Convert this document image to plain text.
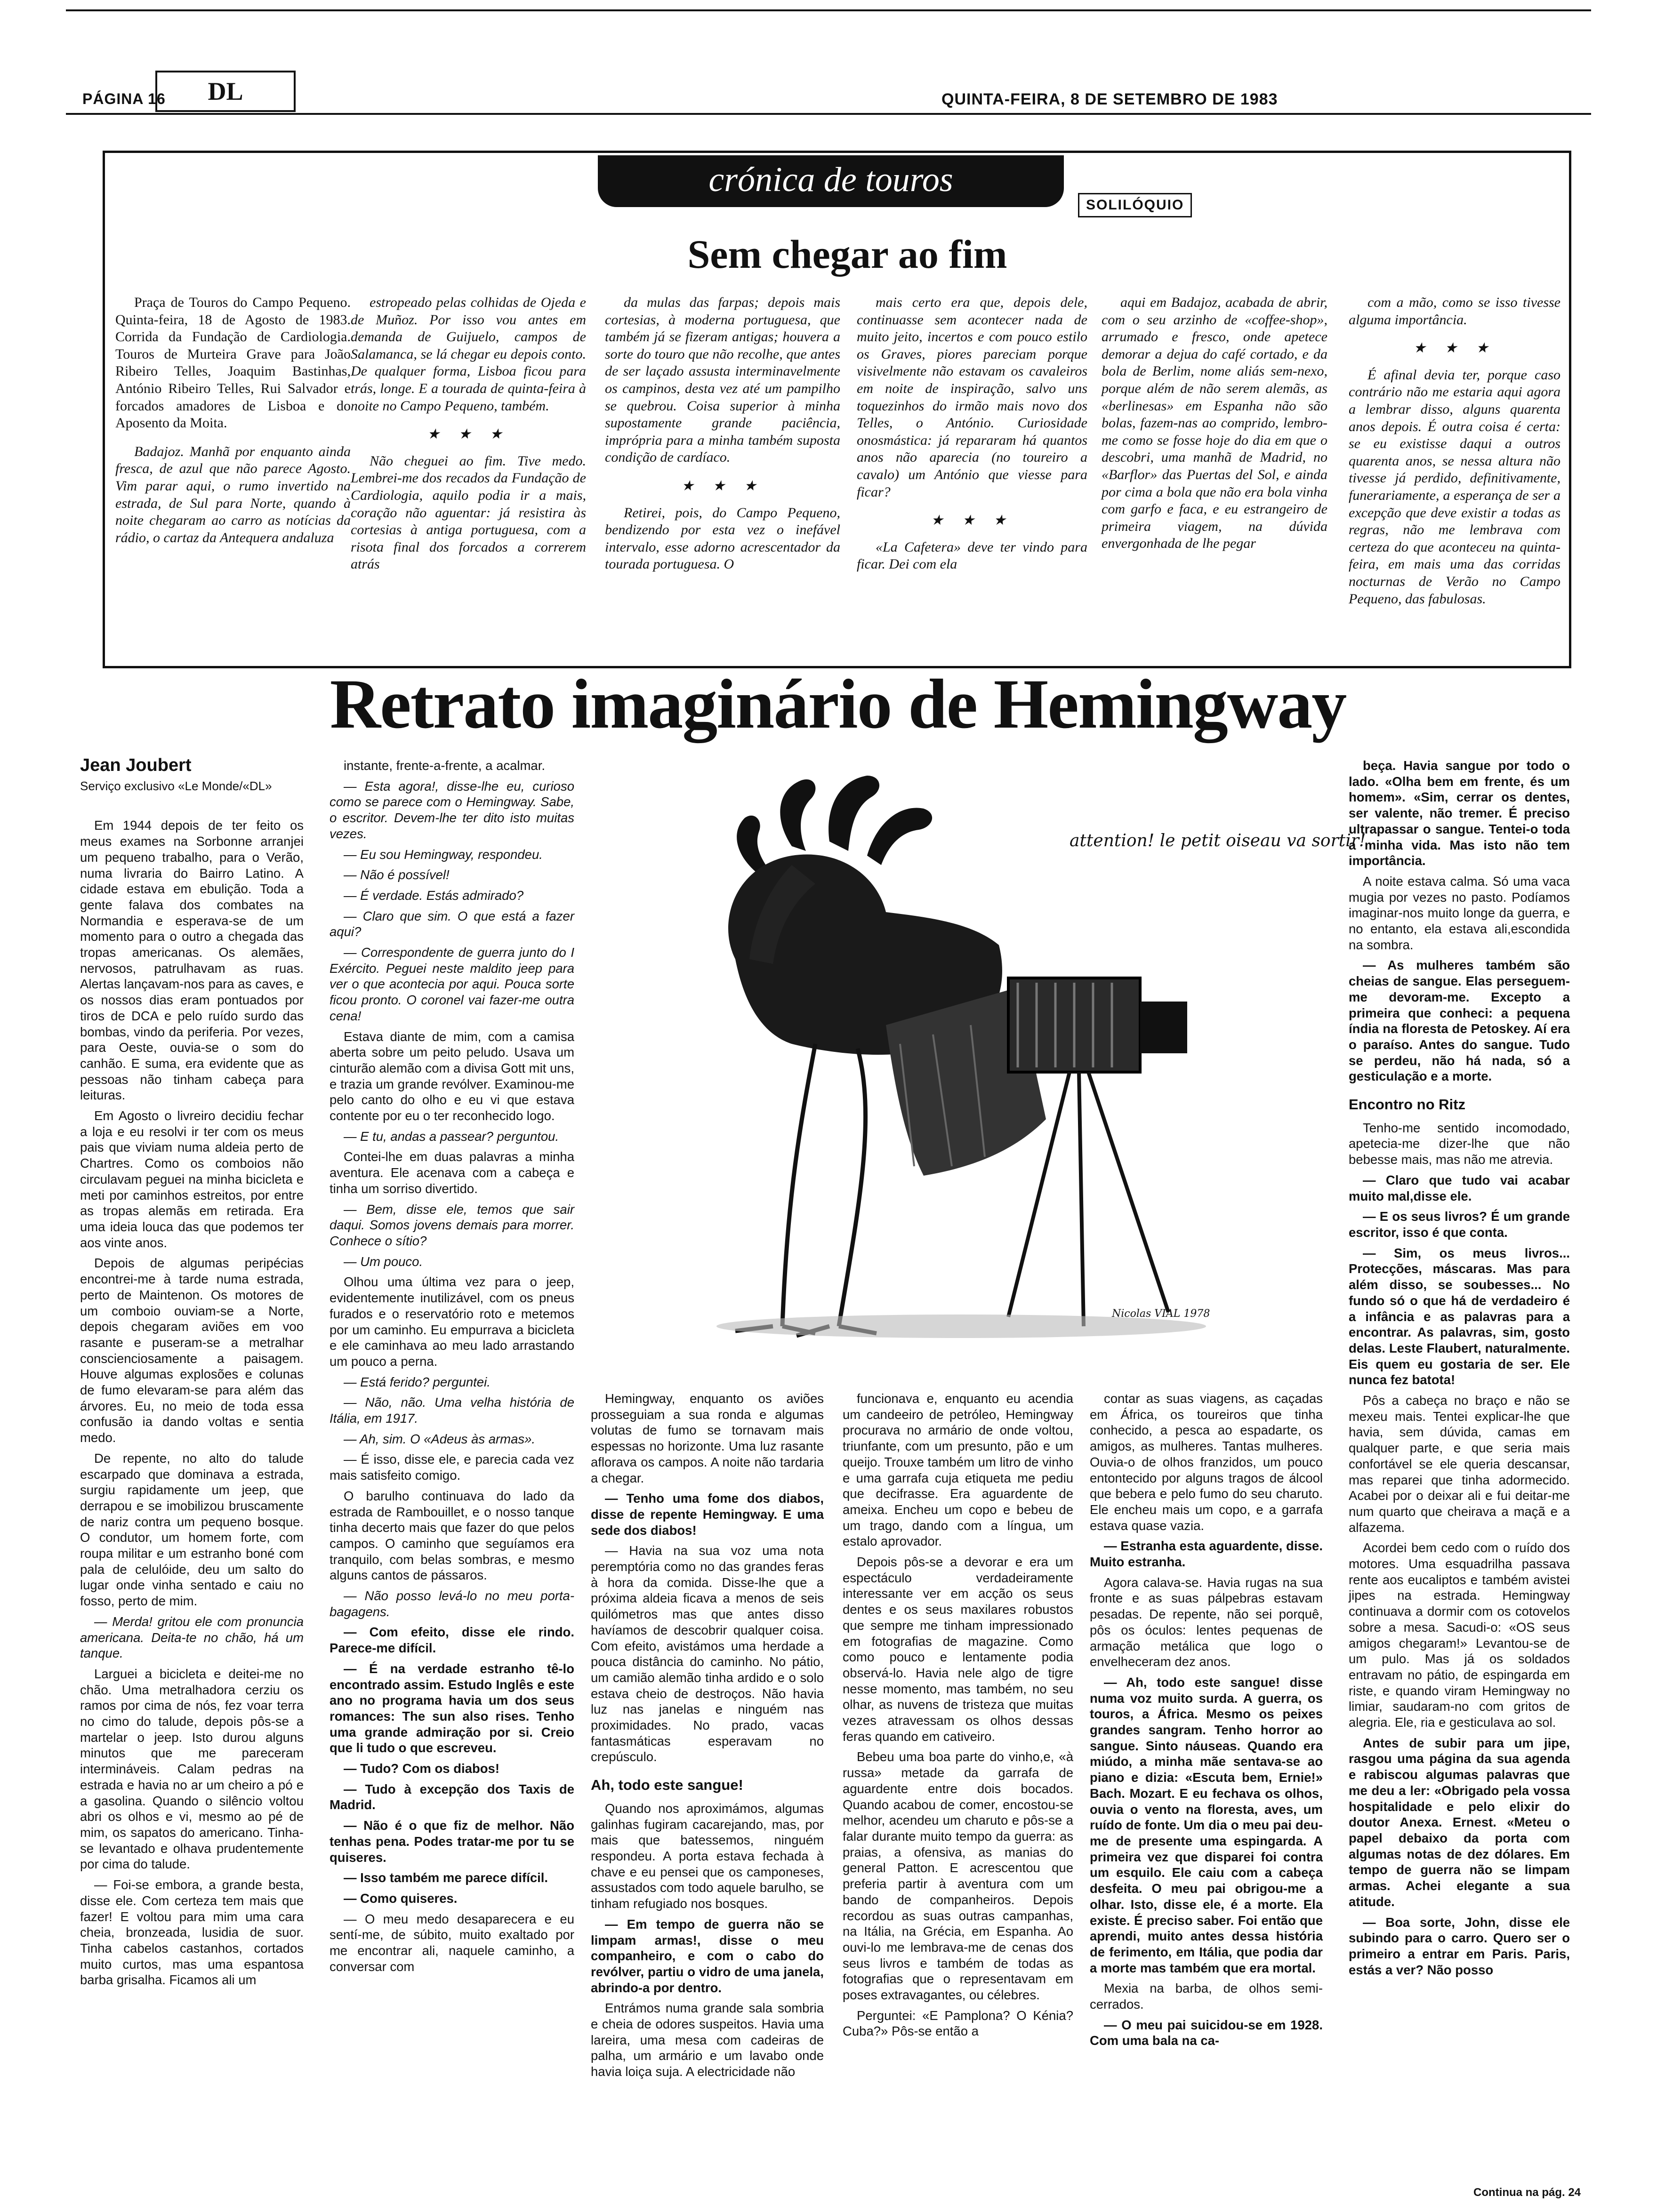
PÁGINA 16	DL	QUINTA-FEIRA, 8 DE SETEMBRO DE 1983
crónica de touros
SOLILÓQUIO
Sem chegar ao fim

Praça de Touros do Campo Pequeno. Quinta-feira, 18 de Agosto de 1983. Corrida da Fundação de Cardiologia. Touros de Murteira Grave para João Ribeiro Telles, Joaquim Bastinhas, António Ribeiro Telles, Rui Salvador e forcados amadores de Lisboa e do Aposento da Moita.

Badajoz. Manhã por enquanto ainda fresca, de azul que não parece Agosto. Vim parar aqui, o rumo invertido na estrada, de Sul para Norte, quando à noite chegaram ao carro as notícias da rádio, o cartaz da Antequera andaluza

estropeado pelas colhidas de Ojeda e de Muñoz. Por isso vou antes em demanda de Guijuelo, campos de Salamanca, se lá chegar eu depois conto. De qualquer forma, Lisboa ficou para trás, longe. E a tourada de quinta-feira à noite no Campo Pequeno, também.

★ ★ ★

Não cheguei ao fim. Tive medo. Lembrei-me dos recados da Fundação de Cardiologia, aquilo podia ir a mais, coração não aguentar: já resistira às cortesias à antiga portuguesa, com a risota final dos forcados a correrem atrás

da mulas das farpas; depois mais cortesias, à moderna portuguesa, que também já se fizeram antigas; houvera a sorte do touro que não recolhe, que antes de ser laçado assusta interminavelmente os campinos, desta vez até um pampilho se quebrou. Coisa superior à minha supostamente grande paciência, imprópria para a minha também suposta condição de cardíaco.

★ ★ ★

Retirei, pois, do Campo Pequeno, bendizendo por esta vez o inefável intervalo, esse adorno acrescentador da tourada portuguesa. O

mais certo era que, depois dele, continuasse sem acontecer nada de muito jeito, incertos e com pouco estilo os Graves, piores pareciam porque visivelmente não estavam os cavaleiros em noite de inspiração, salvo uns toquezinhos do irmão mais novo dos Telles, o António. Curiosidade onosmástica: já repararam há quantos anos não aparecia (no toureiro a cavalo) um António que viesse para ficar?

★ ★ ★

«La Cafetera» deve ter vindo para ficar. Dei com ela

aqui em Badajoz, acabada de abrir, com o seu arzinho de «coffee-shop», arrumado e fresco, onde apetece demorar a dejua do café cortado, e da bola de Berlim, nome aliás sem-nexo, porque além de não serem alemãs, as «berlinesas» em Espanha não são bolas, fazem-nas ao comprido, lembro-me como se fosse hoje do dia em que o descobri, uma manhã de Madrid, no «Barflor» das Puertas del Sol, e ainda por cima a bola que não era bola vinha com garfo e faca, e eu estrangeiro de primeira viagem, na dúvida envergonhada de lhe pegar

com a mão, como se isso tivesse alguma importância.

★ ★ ★

É afinal devia ter, porque caso contrário não me estaria aqui agora a lembrar disso, alguns quarenta anos depois. É outra coisa é certa: se eu existisse daqui a outros quarenta anos, se nessa altura não tivesse já perdido, definitivamente, funerariamente, a esperança de ser a excepção que deve existir a todas as regras, não me lembrava com certeza do que aconteceu na quinta-feira, em mais uma das corridas nocturnas de Verão no Campo Pequeno, das fabulosas.

Retrato imaginário de Hemingway

Jean Joubert

Serviço exclusivo «Le Monde/«DL»

Em 1944 depois de ter feito os meus exames na Sorbonne arranjei um pequeno trabalho, para o Verão, numa livraria do Bairro Latino. A cidade estava em ebulição. Toda a gente falava dos combates na Normandia e esperava-se de um momento para o outro a chegada das tropas americanas. Os alemães, nervosos, patrulhavam as ruas. Alertas lançavam-nos para as caves, e os nossos dias eram pontuados por tiros de DCA e pelo ruído surdo das bombas, vindo da periferia. Por vezes, para Oeste, ouvia-se o som do canhão. E suma, era evidente que as pessoas não tinham cabeça para leituras.

Em Agosto o livreiro decidiu fechar a loja e eu resolvi ir ter com os meus pais que viviam numa aldeia perto de Chartres. Como os comboios não circulavam peguei na minha bicicleta e meti por caminhos estreitos, por entre as tropas alemãs em retirada. Era uma ideia louca das que podemos ter aos vinte anos.

Depois de algumas peripécias encontrei-me à tarde numa estrada, perto de Maintenon. Os motores de um comboio ouviam-se a Norte, depois chegaram aviões em voo rasante e puseram-se a metralhar conscienciosamente a paisagem. Houve algumas explosões e colunas de fumo elevaram-se para além das árvores. Eu, no meio de toda essa confusão ia dando voltas e sentia medo.

De repente, no alto do talude escarpado que dominava a estrada, surgiu rapidamente um jeep, que derrapou e se imobilizou bruscamente de nariz contra um pequeno bosque. O condutor, um homem forte, com roupa militar e um estranho boné com pala de celulóide, deu um salto do lugar onde vinha sentado e caiu no fosso, perto de mim.

— Merda! gritou ele com pronuncia americana. Deita-te no chão, há um tanque.

Larguei a bicicleta e deitei-me no chão. Uma metralhadora cerziu os ramos por cima de nós, fez voar terra no cimo do talude, depois pôs-se a martelar o jeep. Isto durou alguns minutos que me pareceram intermináveis. Calam pedras na estrada e havia no ar um cheiro a pó e a gasolina. Quando o silêncio voltou abri os olhos e vi, mesmo ao pé de mim, os sapatos do americano. Tinha-se levantado e olhava prudentemente por cima do talude.

— Foi-se embora, a grande besta, disse ele. Com certeza tem mais que fazer! E voltou para mim uma cara cheia, bronzeada, lusidia de suor. Tinha cabelos castanhos, cortados muito curtos, mas uma espantosa barba grisalha. Ficamos ali um

instante, frente-a-frente, a acalmar.

— Esta agora!, disse-lhe eu, curioso como se parece com o Hemingway. Sabe, o escritor. Devem-lhe ter dito isto muitas vezes.

— Eu sou Hemingway, respondeu.

— Não é possível!

— É verdade. Estás admirado?

— Claro que sim. O que está a fazer aqui?

— Correspondente de guerra junto do I Exército. Peguei neste maldito jeep para ver o que acontecia por aqui. Pouca sorte ficou pronto. O coronel vai fazer-me outra cena!

Estava diante de mim, com a camisa aberta sobre um peito peludo. Usava um cinturão alemão com a divisa Gott mit uns, e trazia um grande revólver. Examinou-me pelo canto do olho e eu vi que estava contente por eu o ter reconhecido logo.

— E tu, andas a passear? perguntou.

Contei-lhe em duas palavras a minha aventura. Ele acenava com a cabeça e tinha um sorriso divertido.

— Bem, disse ele, temos que sair daqui. Somos jovens demais para morrer. Conhece o sítio?

— Um pouco.

Olhou uma última vez para o jeep, evidentemente inutilizável, com os pneus furados e o reservatório roto e metemos por um caminho. Eu empurrava a bicicleta e ele caminhava ao meu lado arrastando um pouco a perna.

— Está ferido? perguntei.

— Não, não. Uma velha história de Itália, em 1917.

— Ah, sim. O «Adeus às armas».

— É isso, disse ele, e parecia cada vez mais satisfeito comigo.

O barulho continuava do lado da estrada de Rambouillet, e o nosso tanque tinha decerto mais que fazer do que pelos campos. O caminho que seguíamos era tranquilo, com belas sombras, e mesmo alguns cantos de pássaros.

— Não posso levá-lo no meu porta-bagagens.

— Com efeito, disse ele rindo. Parece-me difícil.

— É na verdade estranho tê-lo encontrado assim. Estudo Inglês e este ano no programa havia um dos seus romances: The sun also rises. Tenho uma grande admiração por si. Creio que li tudo o que escreveu.

— Tudo? Com os diabos!

— Tudo à excepção dos Taxis de Madrid.

— Não é o que fiz de melhor. Não tenhas pena. Podes tratar-me por tu se quiseres.

— Isso também me parece difícil.

— Como quiseres.

— O meu medo desaparecera e eu sentí-me, de súbito, muito exaltado por me encontrar ali, naquele caminho, a conversar com

attention! le petit oiseau va sortir!
Nicolas VIAL 1978

Hemingway, enquanto os aviões prosseguiam a sua ronda e algumas volutas de fumo se tornavam mais espessas no horizonte. Uma luz rasante afloravа os campos. A noite não tardaria a chegar.

— Tenho uma fome dos diabos, disse de repente Hemingway. E uma sede dos diabos!

— Havia na sua voz uma nota peremptória como no das grandes feras à hora da comida. Disse-lhe que a próxima aldeia ficava a menos de seis quilómetros mas que antes disso havíamos de descobrir qualquer coisa. Com efeito, avistámos uma herdade a pouca distância do caminho. No pátio, um camião alemão tinha ardido e o solo estava cheio de destroços. Não havia luz nas janelas e ninguém nas proximidades. No prado, vacas fantasmáticas esperavam no crepúsculo.

Ah, todo este sangue!

Quando nos aproximámos, algumas galinhas fugiram cacarejando, mas, por mais que batessemos, ninguém respondeu. A porta estava fechada à chave e eu pensei que os camponeses, assustados com todo aquele barulho, se tinham refugiado nos bosques.

— Em tempo de guerra não se limpam armas!, disse o meu companheiro, e com o cabo do revólver, partiu o vidro de uma janela, abrindo-a por dentro.

Entrámos numa grande sala sombria e cheia de odores suspeitos. Havia uma lareira, uma mesa com cadeiras de palha, um armário e um lavabo onde havia loiça suja. A electricidade não

funcionava e, enquanto eu acendia um candeeiro de petróleo, Hemingway procurava no armário de onde voltou, triunfante, com um presunto, pão e um queijo. Trouxe também um litro de vinho e uma garrafa cuja etiqueta me pediu que decifrasse. Era aguardente de ameixa. Encheu um copo e bebeu de um trago, dando com a língua, um estalo aprovador.

Depois pôs-se a devorar e era um espectáculo verdadeiramente interessante ver em acção os seus dentes e os seus maxilares robustos que sempre me tinham impressionado em fotografias de magazine. Como como pouco e lentamente podia observá-lo. Havia nele algo de tigre nesse momento, mas também, no seu olhar, as nuvens de tristeza que muitas vezes atravessam os olhos dessas feras quando em cativeiro.

Bebeu uma boa parte do vinho,e, «à russa» metade da garrafa de aguardente entre dois bocados. Quando acabou de comer, encostou-se melhor, acendeu um charuto e pôs-se a falar durante muito tempo da guerra: as praias, a ofensiva, as manias do general Patton. E acrescentou que preferia partir à aventura com um bando de companheiros. Depois recordou as suas outras campanhas, na Itália, na Grécia, em Espanha. Ao ouvi-lo me lembrava-me de cenas dos seus livros e também de todas as fotografias que o representavam em poses extravagantes, ou célebres.

Perguntei: «E Pamplona? O Kénia? Cuba?» Pôs-se então a

contar as suas viagens, as caçadas em África, os toureiros que tinha conhecido, a pesca ao espadarte, os amigos, as mulheres. Tantas mulheres. Ouvia-o de olhos franzidos, um pouco entontecido por alguns tragos de álcool que bebera e pelo fumo do seu charuto. Ele encheu mais um copo, e a garrafa estava quase vazia.

— Estranha esta aguardente, disse. Muito estranha.

Agora calava-se. Havia rugas na sua fronte e as suas pálpebras estavam pesadas. De repente, não sei porquê, pôs os óculos: lentes pequenas de armação metálica que logo o envelheceram dez anos.

— Ah, todo este sangue! disse numa voz muito surda. A guerra, os touros, a África. Mesmo os peixes grandes sangram. Tenho horror ao sangue. Sinto náuseas. Quando era miúdo, a minha mãe sentava-se ao piano e dizia: «Escuta bem, Ernie!» Bach. Mozart. E eu fechava os olhos, ouvia o vento na floresta, aves, um ruído de fonte. Um dia o meu pai deu-me de presente uma espingarda. A primeira vez que disparei foi contra um esquilo. Ele caiu com a cabeça desfeita. O meu pai obrigou-me a olhar. Isto, disse ele, é a morte. Ela existe. É preciso saber. Foi então que aprendi, muito antes dessa história de ferimento, em Itália, que podia dar a morte mas também que era mortal.

Mexia na barba, de olhos semi-cerrados.

— O meu pai suicidou-se em 1928. Com uma bala na ca-

beça. Havia sangue por todo o lado. «Olha bem em frente, és um homem». «Sim, cerrar os dentes, ser valente, não tremer. É preciso ultrapassar o sangue. Tentei-o toda a minha vida. Mas isto não tem importância.

A noite estava calma. Só uma vaca mugia por vezes no pasto. Podíamos imaginar-nos muito longe da guerra, e no entanto, ela estava ali,escondida na sombra.

— As mulheres também são cheias de sangue. Elas perseguem-me devoram-me. Excepto a primeira que conheci: a pequena índia na floresta de Petoskey. Aí era o paraíso. Antes do sangue. Tudo se perdeu, não há nada, só a gesticulação e a morte.

Encontro no Ritz

Tenho-me sentido incomodado, apetecia-me dizer-lhe que não bebesse mais, mas não me atrevia.

— Claro que tudo vai acabar muito mal,disse ele.

— E os seus livros? É um grande escritor, isso é que conta.

— Sim, os meus livros... Protecções, máscaras. Mas para além disso, se soubesses... No fundo só o que há de verdadeiro é a infância e as palavras para a encontrar. As palavras, sim, gosto delas. Leste Flaubert, naturalmente. Eis quem eu gostaria de ser. Ele nunca fez batota!

Pôs a cabeça no braço e não se mexeu mais. Tentei explicar-lhe que havia, sem dúvida, camas em qualquer parte, e que seria mais confortável se ele queria descansar, mas reparei que tinha adormecido. Acabei por o deixar ali e fui deitar-me num quarto que cheirava a maçã e a alfazema.

Acordei bem cedo com o ruído dos motores. Uma esquadrilha passava rente aos eucaliptos e também avistei jipes na estrada. Hemingway continuava a dormir com os cotovelos sobre a mesa. Sacudi-o: «OS seus amigos chegaram!» Levantou-se de um pulo. Mas já os soldados entravam no pátio, de espingarda em riste, e quando viram Hemingway no limiar, saudaram-no com gritos de alegria. Ele, ria e gesticulava ao sol.

Antes de subir para um jipe, rasgou uma página da sua agenda e rabiscou algumas palavras que me deu a ler: «Obrigado pela vossa hospitalidade e pelo elixir do doutor Anexa. Ernest. «Meteu o papel debaixo da porta com algumas notas de dez dólares. Em tempo de guerra não se limpam armas. Achei elegante a sua atitude.

— Boa sorte, John, disse ele subindo para o carro. Quero ser o primeiro a entrar em Paris. Paris, estás a ver? Não posso

Continua na pág. 24
